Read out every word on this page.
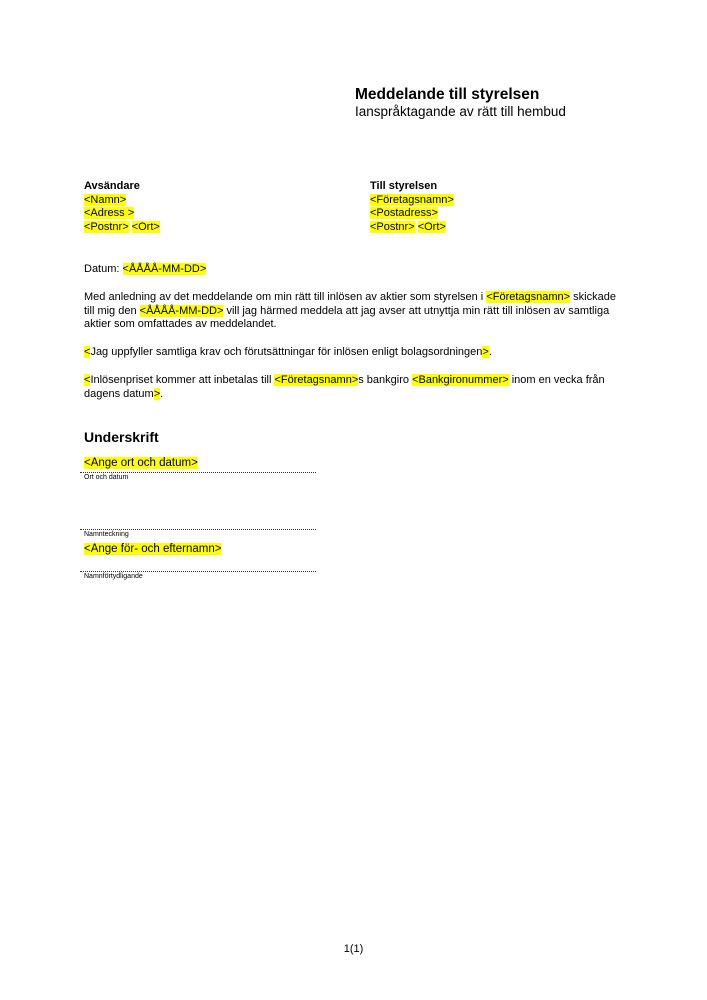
Meddelande till styrelsen
Ianspråktagande av rätt till hembud
Avsändare
<Namn>
<Adress >
<Postnr> <Ort>
Till styrelsen
<Företagsnamn>
<Postadress>
<Postnr> <Ort>
Datum: <ÅÅÅÅ-MM-DD>
Med anledning av det meddelande om min rätt till inlösen av aktier som styrelsen i <Företagsnamn> skickade till mig den <ÅÅÅÅ-MM-DD> vill jag härmed meddela att jag avser att utnyttja min rätt till inlösen av samtliga aktier som omfattades av meddelandet.
<Jag uppfyller samtliga krav och förutsättningar för inlösen enligt bolagsordningen>.
<Inlösenpriset kommer att inbetalas till <Företagsnamn>s bankgiro <Bankgironummer> inom en vecka från dagens datum>.
Underskrift
<Ange ort och datum>
Ort och datum
Namnteckning
<Ange för- och efternamn>
Namnförtydligande
1(1)
